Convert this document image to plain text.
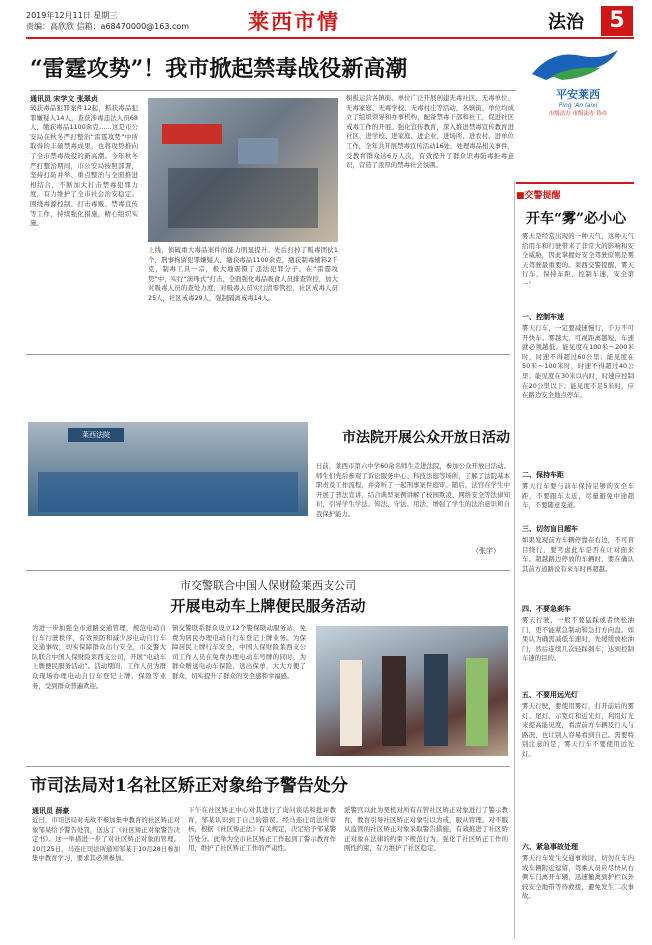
2019年12月11日 星期三
责编：高欣欣 信箱：a68470000@163.com	莱西市情	法治	5
平安莱西
Ping 'An laixi
市级法办 市级法办 协办
“雷霆攻势”！我市掀起禁毒战役新高潮
通讯员 宋学文 张翠贞
破获毒品犯罪案件12起，抓获毒品犯罪嫌疑人14人，查获涉毒违法人员68人，缴获毒品1100余克……这是市公安局在秋冬严打整治“雷霆攻势”中所取得的丰硕禁毒成果，也将攻势推向了全市禁毒战役的新高潮。今年秋冬严打整治期间，市公安局按照部署，坚持打防并举、重点整治与全面推进相结合，不断加大打击禁毒犯罪力度，有力维护了全市社会治安稳定。围绕毒源控制、打击毒贩、禁毒宣传等工作，持续强化措施，精心组织实施。
上线，侦破重大毒品案件的能力明显提升。先后打掉了贩毒团伙1个，刑事拘留犯罪嫌疑人，缴获毒品1100余克，缴获制毒辅料2千克，制毒工具一宗，极大地震慑了违法犯罪分子。在“雷霆攻势”中，实行“滚珠式”打击，全面强化毒品吸食人员排查管控，加大对吸毒人员的查处力度，对吸毒人员实行清零管控，社区戒毒人员25人，社区戒毒29人，强制隔离戒毒14人。
积极运营各镇街、单位广泛开展创建无毒社区、无毒单位、无毒家庭、无毒学校、无毒村庄等活动，各镇街、单位均成立了组织领导和办事机构，配备禁毒干部和社工，促进社区戒毒工作的开展。强化宣传教育，深入推进禁毒宣传教育进社区、进学校、进家庭、进企业、进场所、进农村、进单位工作，全年共开展禁毒宣传活动16处，处理毒品相关事件，受教育群众达6万人次，有效提升了群众识毒防毒拒毒意识，营造了浓厚的禁毒社会氛围。
■交警提醒
开车“雾”必小心
雾天是经常出现的一种天气，这种天气给用车和行驶带来了非常大的影响和安全威胁，因此掌握好安全驾驶原则是雾天驾驶最重要的。莱西交警提醒，雾天行车，保持车距、控制车速，安全第一！
一、控制车速
雾天行车，一定要减速慢行，千万不可开快车。雾越大，可视距离越短，车速就必须越低。能见度在100米～200米时，时速不得超过60公里；能见度在50米～100米时，时速不得超过40公里；能见度在30米以内时，时速应控制在20公里以下；能见度不足5米时，应在路边安全地点停车。
二、保持车距
雾天行车要与前车保持足够的安全车距，不要跟车太近，尽量避免中途超车，不要随意变道。
三、切勿盲目超车
如果发现前方车辆停靠在右边，不可盲目绕行，要考虑此车是否在让对面来车。超越路边停放的车辆时，要在确认其前方道路没有来车时再超越。
四、不要急刹车
雾天行驶，一般不要猛踩或者快松油门，更不能紧急制动和急打方向盘。如果认为确需减低车速时，先缓缓放松油门，然后连续几次轻踩刹车，达到控制车速的目的。
五、不要用远光灯
雾天行驶，要使用雾灯，打开前后的雾灯、尾灯、示宽灯和近光灯，利用灯光来提高能见度，看清前方车辆及行人与路况，也让别人容易看到自己。需要特别注意的是，雾天行车不要使用远光灯。
六、紧急事故处理
雾天行车发生交通事故时，切勿在车内或车辆附近逗留，驾乘人员应尽快从右侧车门离开车辆，迅速撤离到护栏以外较安全地带等待救援，避免发生二次事故。
莱西法院	市法院开展公众开放日活动
日前，莱西市第六中学60余名师生走进法院，参加公众开放日活动。师生们先后参观了诉讼服务中心、科技法庭等场所，了解了法院基本职责及工作流程，并旁听了一起刑事案件庭审。随后，法官在学生中开展了普法宣讲，结合典型案例讲解了校园欺凌、网络安全等法律知识，引导学生学法、知法、守法、用法，增强了学生的法治意识和自我保护能力。
（张宇）
市交警联合中国人保财险莱西支公司
开展电动车上牌便民服务活动
为进一步加强全市道路交通管理，规范电动自行车行驶秩序，有效预防和减少涉电动自行车交通事故，切实保障群众出行安全，市交警大队联合中国人保财险莱西支公司，开展“电动车上牌便民服务活动”。活动期间，工作人员为群众现场办理电动自行车登记上牌、保险等业务，受到群众普遍欢迎。
镇交警联系群众设立12个警保联动服务站，免费为居民办理电动自行车登记上牌业务。为保障居民上牌行车安全，中国人保财险莱西支公司工作人员在免费办理电动车号牌的同时，为群众赠送电动车保险，送出保单，大大方便了群众，切实提升了群众的安全感和幸福感。
市司法局对1名社区矫正对象给予警告处分
通讯员 薛豪
近日，市司法局对无故不参加集中教育的社区矫正对象邹某给予警告处罚，送达了《社区矫正对象警告决定书》。这一举措进一步了对社区矫正对象的管理。10月25日，马连庄司法所通知邹某于10月28日参加集中教育学习，要求其必须参加。
下午在社区矫正中心对其进行了询问谈话和批评教育，邹某认识到了自己的错误。经马连庄司法所审核，根据《社区矫正法》有关规定，决定给予邹某警告处分。此举为全市社区矫正工作起到了警示教育作用，维护了社区矫正工作的严肃性。
派警官以此为契机对所有在管社区矫正对象进行了警示教育，教育引导社区矫正对象引以为戒，服从管理。对不服从监管的社区矫正对象采取警告措施，有效推进了社区矫正对象在法律的约束下规范行为，强化了社区矫正工作的刚性约束，有力维护了社区稳定。
